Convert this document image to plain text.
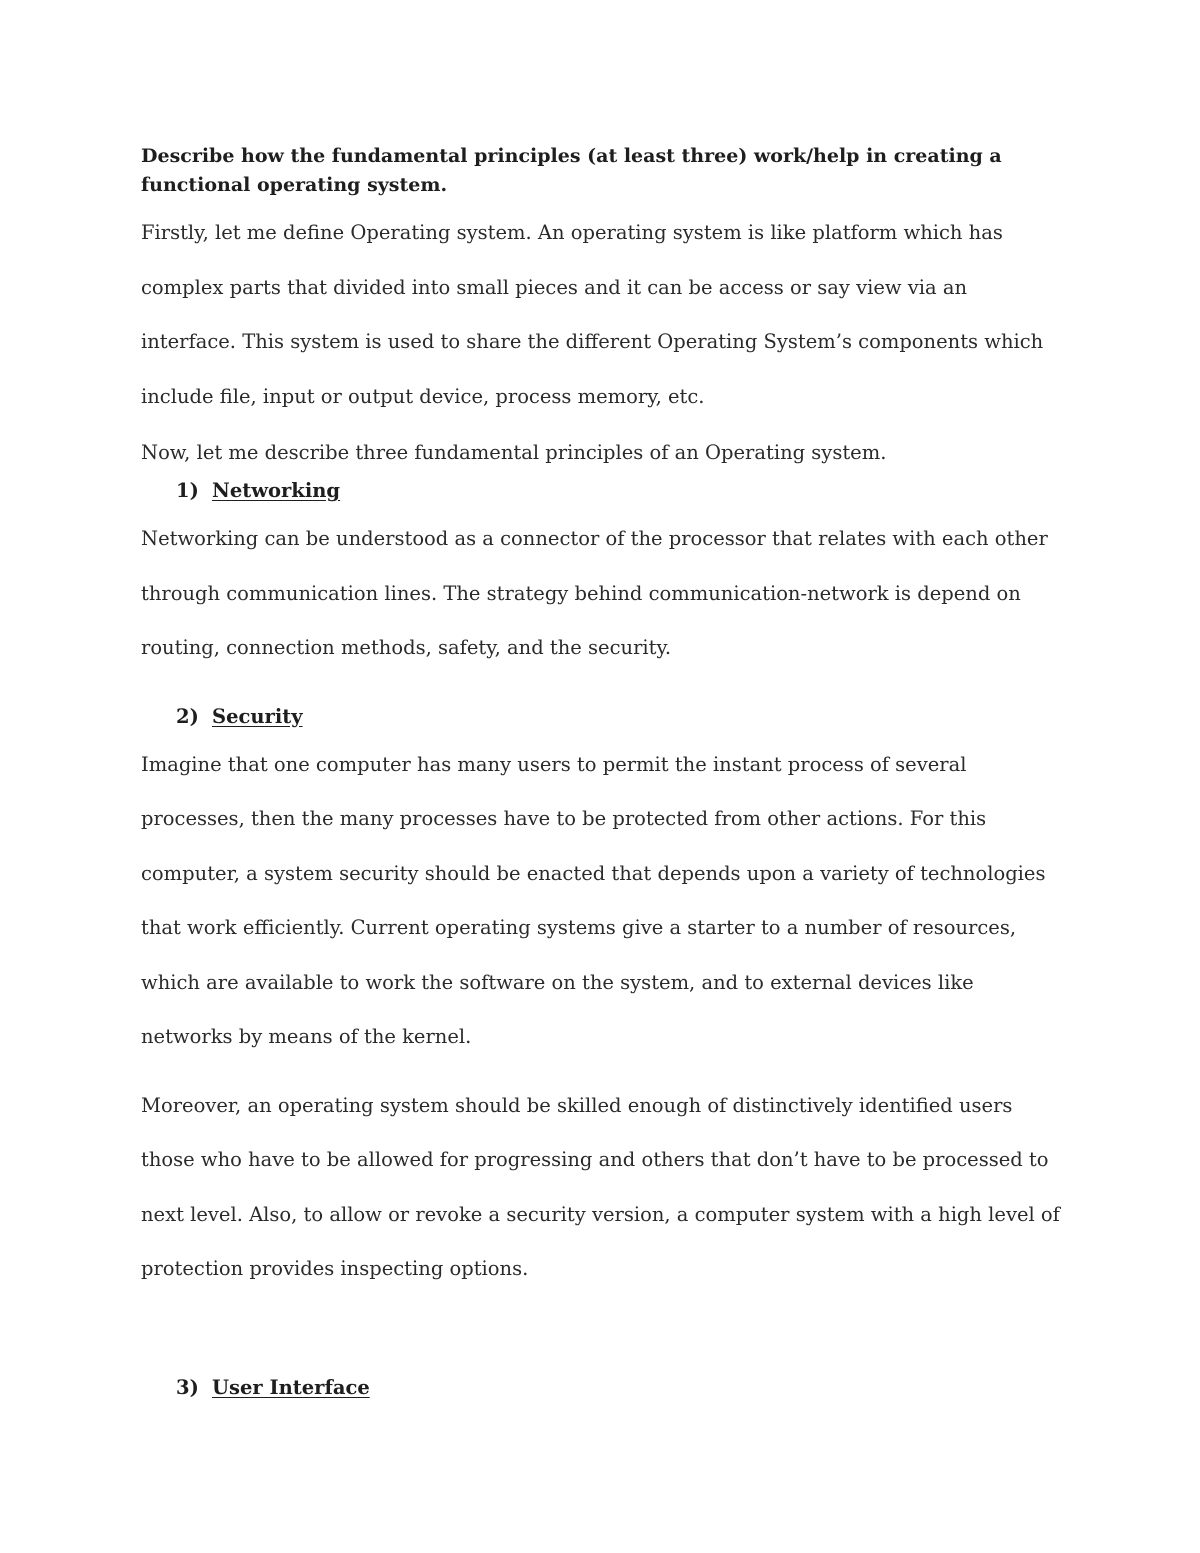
Describe how the fundamental principles (at least three) work/help in creating a functional operating system.

Firstly, let me define Operating system. An operating system is like platform which has complex parts that divided into small pieces and it can be access or say view via an interface. This system is used to share the different Operating System’s components which include file, input or output device, process memory, etc.

Now, let me describe three fundamental principles of an Operating system.

1) Networking

Networking can be understood as a connector of the processor that relates with each other through communication lines. The strategy behind communication-network is depend on routing, connection methods, safety, and the security.

2) Security

Imagine that one computer has many users to permit the instant process of several processes, then the many processes have to be protected from other actions. For this computer, a system security should be enacted that depends upon a variety of technologies that work efficiently. Current operating systems give a starter to a number of resources, which are available to work the software on the system, and to external devices like networks by means of the kernel.

Moreover, an operating system should be skilled enough of distinctively identified users those who have to be allowed for progressing and others that don’t have to be processed to next level. Also, to allow or revoke a security version, a computer system with a high level of protection provides inspecting options.

3) User Interface
